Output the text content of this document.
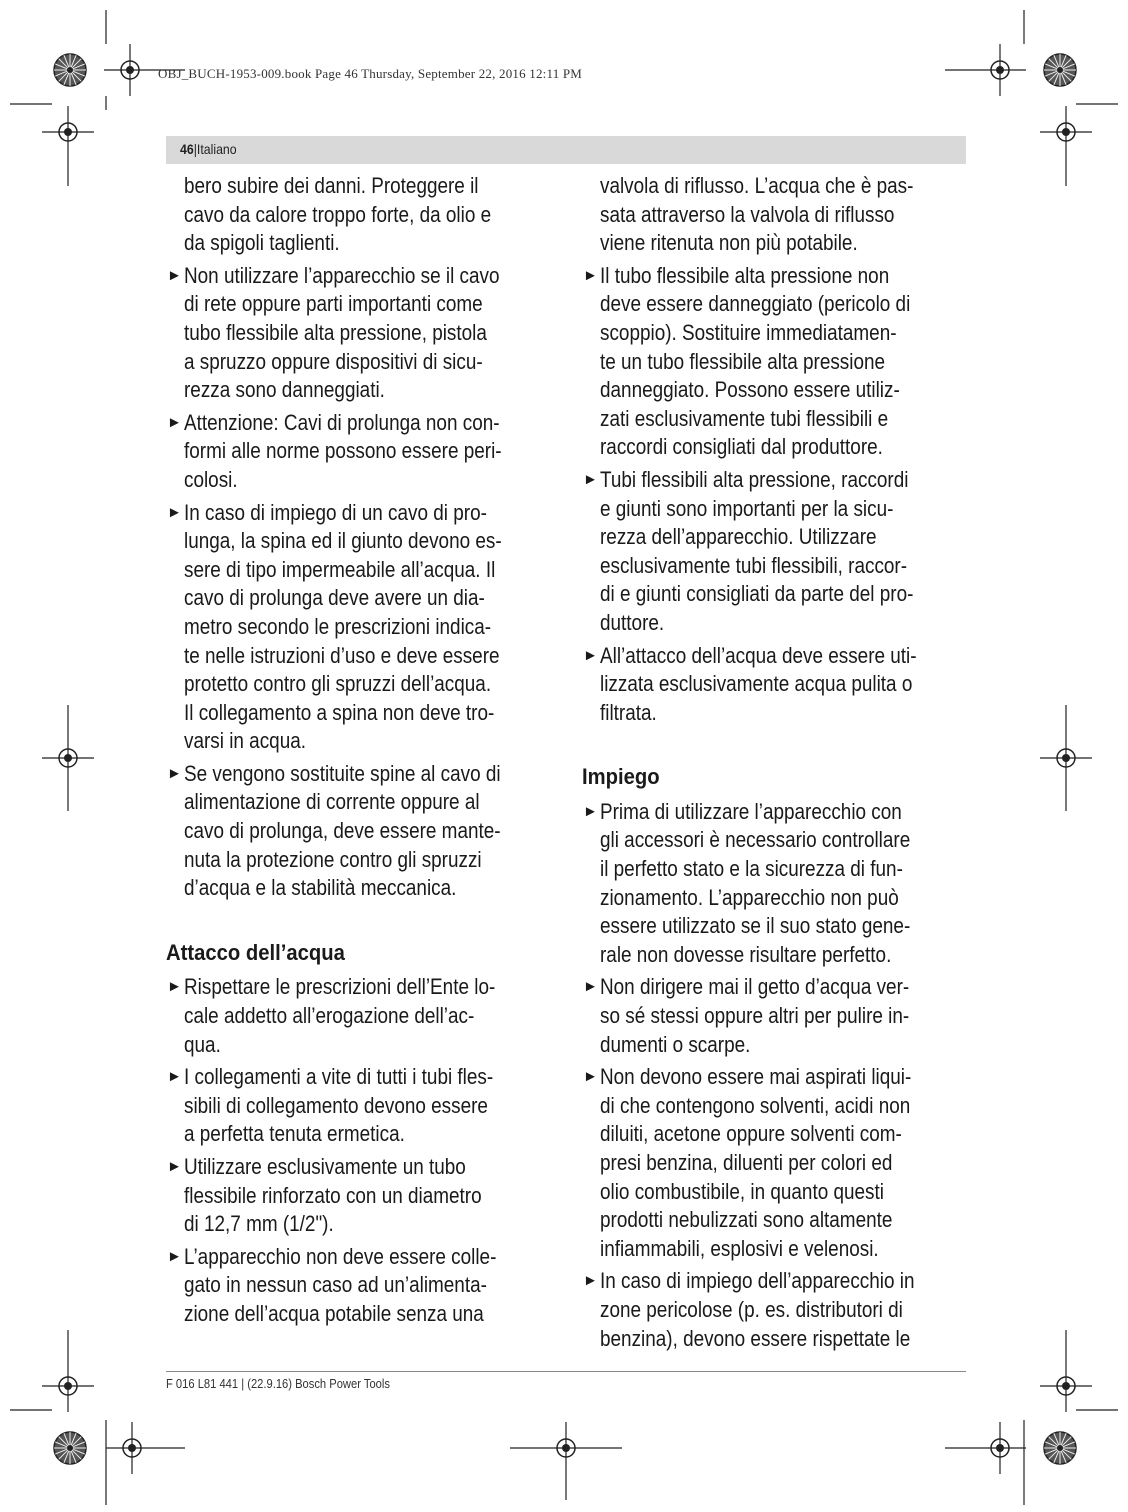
OBJ_BUCH-1953-009.book Page 46 Thursday, September 22, 2016 12:11 PM
46|Italiano
bero subire dei danni. Proteggere il
cavo da calore troppo forte, da olio e
da spigoli taglienti.
► Non utilizzare l’apparecchio se il cavo
di rete oppure parti importanti come
tubo flessibile alta pressione, pistola
a spruzzo oppure dispositivi di sicu-
rezza sono danneggiati.
► Attenzione: Cavi di prolunga non con-
formi alle norme possono essere peri-
colosi.
► In caso di impiego di un cavo di pro-
lunga, la spina ed il giunto devono es-
sere di tipo impermeabile all’acqua. Il
cavo di prolunga deve avere un dia-
metro secondo le prescrizioni indica-
te nelle istruzioni d’uso e deve essere
protetto contro gli spruzzi dell’acqua.
Il collegamento a spina non deve tro-
varsi in acqua.
► Se vengono sostituite spine al cavo di
alimentazione di corrente oppure al
cavo di prolunga, deve essere mante-
nuta la protezione contro gli spruzzi
d’acqua e la stabilità meccanica.
Attacco dell’acqua
► Rispettare le prescrizioni dell’Ente lo-
cale addetto all’erogazione dell’ac-
qua.
► I collegamenti a vite di tutti i tubi fles-
sibili di collegamento devono essere
a perfetta tenuta ermetica.
► Utilizzare esclusivamente un tubo
flessibile rinforzato con un diametro
di 12,7 mm (1/2").
► L’apparecchio non deve essere colle-
gato in nessun caso ad un’alimenta-
zione dell’acqua potabile senza una
valvola di riflusso. L’acqua che è pas-
sata attraverso la valvola di riflusso
viene ritenuta non più potabile.
► Il tubo flessibile alta pressione non
deve essere danneggiato (pericolo di
scoppio). Sostituire immediatamen-
te un tubo flessibile alta pressione
danneggiato. Possono essere utiliz-
zati esclusivamente tubi flessibili e
raccordi consigliati dal produttore.
► Tubi flessibili alta pressione, raccordi
e giunti sono importanti per la sicu-
rezza dell’apparecchio. Utilizzare
esclusivamente tubi flessibili, raccor-
di e giunti consigliati da parte del pro-
duttore.
► All’attacco dell’acqua deve essere uti-
lizzata esclusivamente acqua pulita o
filtrata.
Impiego
► Prima di utilizzare l’apparecchio con
gli accessori è necessario controllare
il perfetto stato e la sicurezza di fun-
zionamento. L’apparecchio non può
essere utilizzato se il suo stato gene-
rale non dovesse risultare perfetto.
► Non dirigere mai il getto d’acqua ver-
so sé stessi oppure altri per pulire in-
dumenti o scarpe.
► Non devono essere mai aspirati liqui-
di che contengono solventi, acidi non
diluiti, acetone oppure solventi com-
presi benzina, diluenti per colori ed
olio combustibile, in quanto questi
prodotti nebulizzati sono altamente
infiammabili, esplosivi e velenosi.
► In caso di impiego dell’apparecchio in
zone pericolose (p. es. distributori di
benzina), devono essere rispettate le
F 016 L81 441 | (22.9.16) Bosch Power Tools
